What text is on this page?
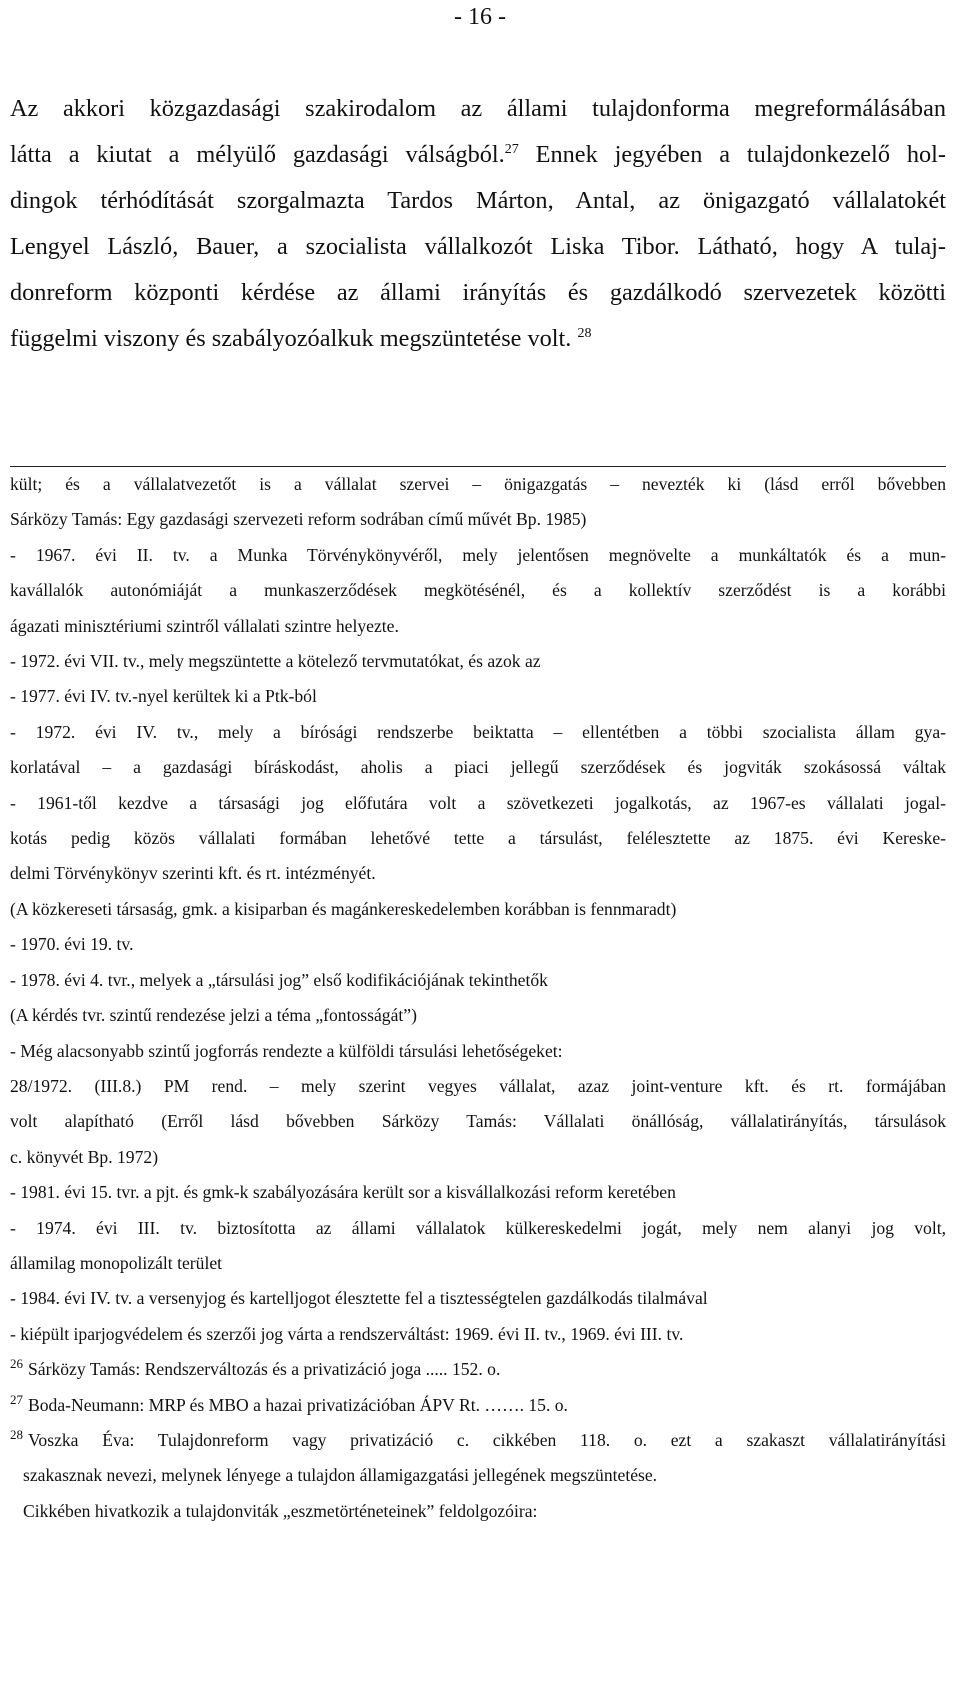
- 16 -
Az akkori közgazdasági szakirodalom az állami tulajdonforma megreformálásában
látta a kiutat a mélyülő gazdasági válságból.$^{27}$ Ennek jegyében a tulajdonkezelő hol-
dingok térhódítását szorgalmazta Tardos Márton, Antal, az önigazgató vállalatokét
Lengyel László, Bauer, a szocialista vállalkozót Liska Tibor. Látható, hogy A tulaj-
donreform központi kérdése az állami irányítás és gazdálkodó szervezetek közötti
függelmi viszony és szabályozóalkuk megszüntetése volt. $^{28}$
kült; és a vállalatvezetőt is a vállalat szervei – önigazgatás – nevezték ki (lásd erről bővebben
Sárközy Tamás: Egy gazdasági szervezeti reform sodrában című művét Bp. 1985)
- 1967. évi II. tv. a Munka Törvénykönyvéről, mely jelentősen megnövelte a munkáltatók és a mun-
kavállalók autonómiáját a munkaszerződések megkötésénél, és a kollektív szerződést is a korábbi
ágazati minisztériumi szintről vállalati szintre helyezte.
- 1972. évi VII. tv., mely megszüntette a kötelező tervmutatókat, és azok az
- 1977. évi IV. tv.-nyel kerültek ki a Ptk-ból
- 1972. évi IV. tv., mely a bírósági rendszerbe beiktatta – ellentétben a többi szocialista állam gya-
korlatával – a gazdasági bíráskodást, aholis a piaci jellegű szerződések és jogviták szokásossá váltak
- 1961-től kezdve a társasági jog előfutára volt a szövetkezeti jogalkotás, az 1967-es vállalati jogal-
kotás pedig közös vállalati formában lehetővé tette a társulást, felélesztette az 1875. évi Kereske-
delmi Törvénykönyv szerinti kft. és rt. intézményét.
(A közkereseti társaság, gmk. a kisiparban és magánkereskedelemben korábban is fennmaradt)
- 1970. évi 19. tv.
- 1978. évi 4. tvr., melyek a „társulási jog” első kodifikációjának tekinthetők
(A kérdés tvr. szintű rendezése jelzi a téma „fontosságát”)
- Még alacsonyabb szintű jogforrás rendezte a külföldi társulási lehetőségeket:
28/1972. (III.8.) PM rend. – mely szerint vegyes vállalat, azaz joint-venture kft. és rt. formájában
volt alapítható (Erről lásd bővebben Sárközy Tamás: Vállalati önállóság, vállalatirányítás, társulások
c. könyvét Bp. 1972)
- 1981. évi 15. tvr. a pjt. és gmk-k szabályozására került sor a kisvállalkozási reform keretében
- 1974. évi III. tv. biztosította az állami vállalatok külkereskedelmi jogát, mely nem alanyi jog volt,
államilag monopolizált terület
- 1984. évi IV. tv. a versenyjog és kartelljogot élesztette fel a tisztességtelen gazdálkodás tilalmával
- kiépült iparjogvédelem és szerzői jog várta a rendszerváltást: 1969. évi II. tv., 1969. évi III. tv.
$^{26}$ Sárközy Tamás: Rendszerváltozás és a privatizáció joga ..... 152. o.
$^{27}$ Boda-Neumann: MRP és MBO a hazai privatizációban ÁPV Rt. ……. 15. o.
$^{28}$ Voszka Éva: Tulajdonreform vagy privatizáció c. cikkében 118. o. ezt a szakaszt vállalatirányítási
szakasznak nevezi, melynek lényege a tulajdon államigazgatási jellegének megszüntetése.
Cikkében hivatkozik a tulajdonviták „eszmetörténeteinek” feldolgozóira:
